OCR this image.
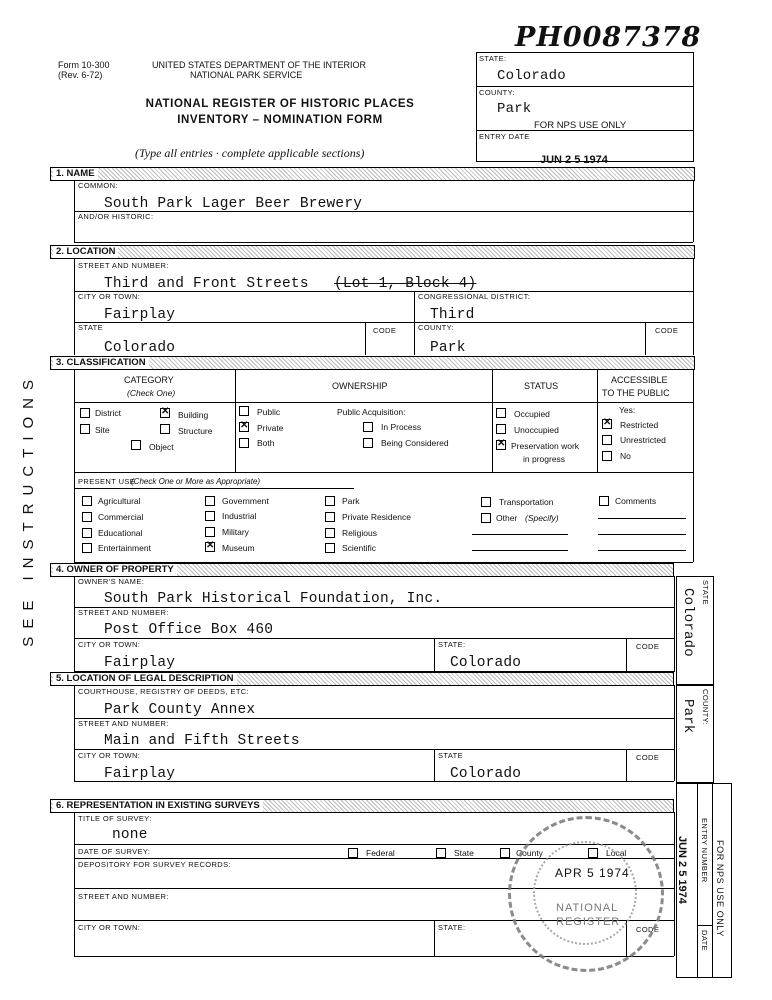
Form 10-300
(Rev. 6-72)
UNITED STATES DEPARTMENT OF THE INTERIOR
NATIONAL PARK SERVICE
NATIONAL REGISTER OF HISTORIC PLACES
INVENTORY – NOMINATION FORM
(Type all entries · complete applicable sections)
PH0087378
STATE:
Colorado
COUNTY:
Park
FOR NPS USE ONLY
ENTRY DATE
JUN 2 5 1974
SEE INSTRUCTIONS
1. NAME
COMMON:
South Park Lager Beer Brewery
AND/OR HISTORIC:
2. LOCATION
STREET AND NUMBER:
Third and Front Streets (Lot 1, Block 4)
CITY OR TOWN:
Fairplay
CONGRESSIONAL DISTRICT:
Third
STATE
Colorado
CODE	COUNTY:
Park
CODE
3. CLASSIFICATION
CATEGORY
(Check One)
OWNERSHIP	STATUS
ACCESSIBLE
TO THE PUBLIC
District
✕	Building
Site	Structure
Object
Public
✕
Private
Both
Public Acquisition:
In Process
Being Considered
Occupied
Unoccupied
✕
Preservation work
in progress
Yes:
✕
Restricted
Unrestricted
No
PRESENT USE
(Check One or More as Appropriate)
Agricultural
Commercial
Educational
Entertainment
Government
Industrial
Military
✕
Museum
Park
Private Residence
Religious
Scientific
Transportation
Other (Specify)
Comments
4. OWNER OF PROPERTY
OWNER'S NAME:
South Park Historical Foundation, Inc.
STREET AND NUMBER:
Post Office Box 460
CITY OR TOWN:
Fairplay
STATE:
Colorado
CODE
STATE
Colorado
5. LOCATION OF LEGAL DESCRIPTION
COURTHOUSE, REGISTRY OF DEEDS, ETC:
Park County Annex
STREET AND NUMBER:
Main and Fifth Streets
CITY OR TOWN:
Fairplay
STATE
Colorado
CODE
COUNTY:
Park
6. REPRESENTATION IN EXISTING SURVEYS
TITLE OF SURVEY:
none
DATE OF SURVEY:	Federal	State	County	Local
DEPOSITORY FOR SURVEY RECORDS:
STREET AND NUMBER:
CITY OR TOWN:	STATE:	CODE
ENTRY NUMBER
DATE
FOR NPS USE ONLY
JUN 2 5 1974
APR 5 1974
NATIONAL
REGISTER
